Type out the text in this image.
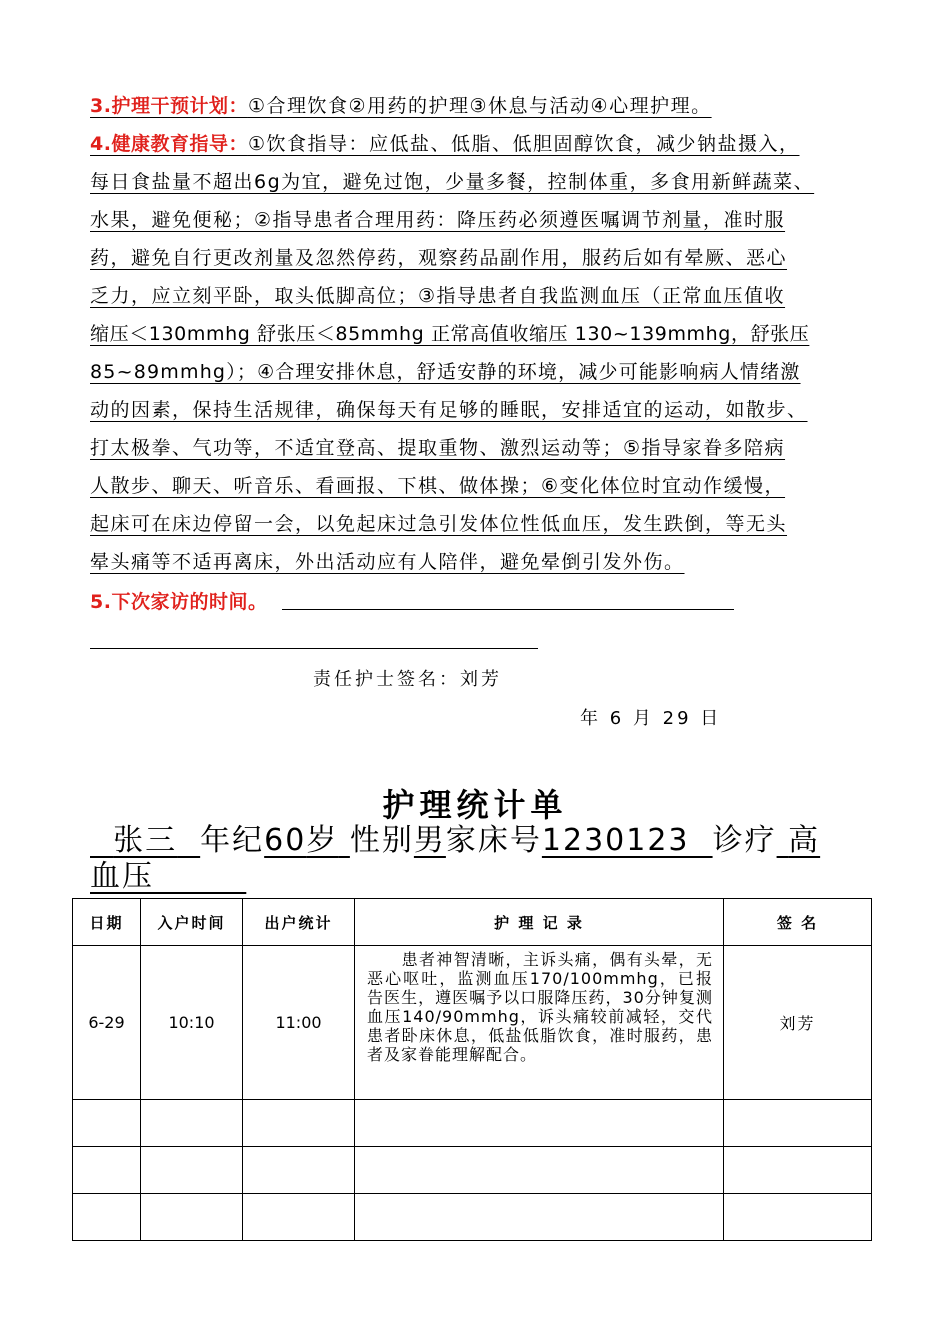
3.护理干预计划：①合理饮食②用药的护理③休息与活动④心理护理。
4.健康教育指导：①饮食指导：应低盐、低脂、低胆固醇饮食，减少钠盐摄入，
每日食盐量不超出6g为宜，避免过饱，少量多餐，控制体重，多食用新鲜蔬菜、
水果，避免便秘；②指导患者合理用药：降压药必须遵医嘱调节剂量，准时服
药，避免自行更改剂量及忽然停药，观察药品副作用，服药后如有晕厥、恶心
乏力，应立刻平卧，取头低脚高位；③指导患者自我监测血压（正常血压值收
缩压＜130mmhg 舒张压＜85mmhg 正常高值收缩压 130~139mmhg，舒张压
85~89mmhg）；④合理安排休息，舒适安静的环境，减少可能影响病人情绪激
动的因素，保持生活规律，确保每天有足够的睡眠，安排适宜的运动，如散步、
打太极拳、气功等，不适宜登高、提取重物、激烈运动等；⑤指导家眷多陪病
人散步、聊天、听音乐、看画报、下棋、做体操；⑥变化体位时宜动作缓慢，
起床可在床边停留一会，以免起床过急引发体位性低血压，发生跌倒，等无头
晕头痛等不适再离床，外出活动应有人陪伴，避免晕倒引发外伤。
5.下次家访的时间。
责任护士签名：刘芳
年 6 月 29 日
护理统计单
张三 年纪60岁 性别男家床号1230123 诊疗 高
血压
日期	入户时间	出户统计	护 理 记 录	签 名
6-29	10:10	11:00	　　患者神智清晰，主诉头痛，偶有头晕，无恶心呕吐，监测血压170/100mmhg，已报告医生，遵医嘱予以口服降压药，30分钟复测血压140/90mmhg，诉头痛较前减轻，交代患者卧床休息，低盐低脂饮食，准时服药，患者及家眷能理解配合。	刘芳
